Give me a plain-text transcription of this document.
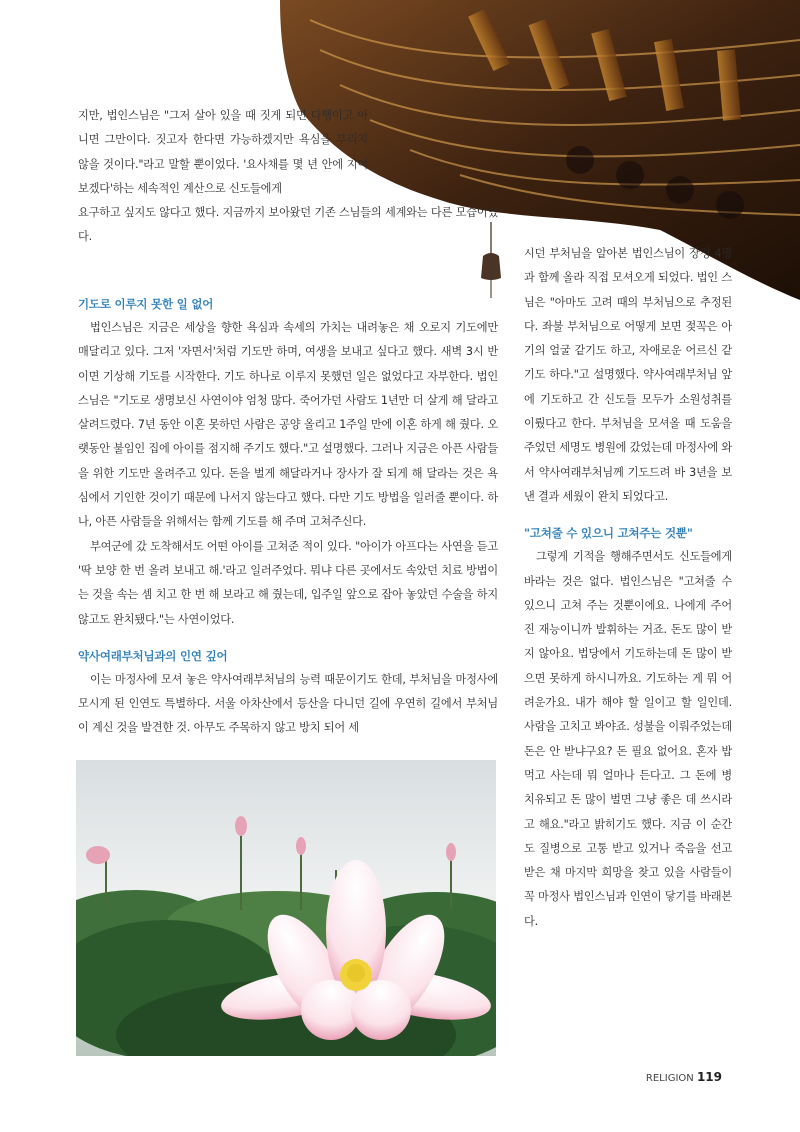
지만, 법인스님은 "그저 살아 있을 때 짓게 되면 다행이고 아니면 그만이다. 짓고자 한다면 가능하겠지만 욕심을 부리지 않을 것이다."라고 말할 뿐이었다. '요사채를 몇 년 안에 지어 보겠다'하는 세속적인 계산으로 신도들에게

요구하고 싶지도 않다고 했다. 지금까지 보아왔던 기존 스님들의 세계와는 다른 모습이었다.

기도로 이루지 못한 일 없어

법인스님은 지금은 세상을 향한 욕심과 속세의 가치는 내려놓은 채 오로지 기도에만 매달리고 있다. 그저 '자면서'처럼 기도만 하며, 여생을 보내고 싶다고 했다. 새벽 3시 반이면 기상해 기도를 시작한다. 기도 하나로 이루지 못했던 일은 없었다고 자부한다. 법인 스님은 "기도로 생명보신 사연이야 엄청 많다. 죽어가던 사람도 1년만 더 살게 해 달라고 살려드렸다. 7년 동안 이혼 못하던 사람은 공양 올리고 1주일 만에 이혼 하게 해 줬다. 오랫동안 불임인 집에 아이를 점지해 주기도 했다."고 설명했다. 그러나 지금은 아픈 사람들을 위한 기도만 올려주고 있다. 돈을 벌게 해달라거나 장사가 잘 되게 해 달라는 것은 욕심에서 기인한 것이기 때문에 나서지 않는다고 했다. 다만 기도 방법을 일러줄 뿐이다. 하나, 아픈 사람들을 위해서는 함께 기도를 해 주며 고쳐주신다.

부여군에 갔 도착해서도 어떤 아이를 고쳐준 적이 있다. "아이가 아프다는 사연을 듣고 '딱 보양 한 번 올려 보내고 해.'라고 일러주었다. 뭐냐 다른 곳에서도 속았던 치료 방법이는 것을 속는 셈 치고 한 번 해 보라고 해 줬는데, 입주일 앞으로 잡아 놓았던 수술을 하지 않고도 완치됐다."는 사연이었다.

약사여래부처님과의 인연 깊어

이는 마정사에 모셔 놓은 약사여래부처님의 능력 때문이기도 한데, 부처님을 마정사에 모시게 된 인연도 특별하다. 서울 아차산에서 등산을 다니던 길에 우연히 길에서 부처님이 계신 것을 발견한 것. 아무도 주목하지 않고 방치 되어 세

시던 부처님을 알아본 법인스님이 장정 4명과 함께 올라 직접 모셔오게 되었다. 법인 스님은 "아마도 고려 때의 부처님으로 추정된다. 좌불 부처님으로 어떻게 보면 젖꼭은 아기의 얼굴 같기도 하고, 자애로운 어르신 같기도 하다."고 설명했다. 약사여래부처님 앞에 기도하고 간 신도들 모두가 소원성취를 이뤘다고 한다. 부처님을 모셔올 때 도움을 주었던 세명도 병원에 갔었는데 마정사에 와서 약사여래부처님께 기도드려 바 3년을 보낸 결과 세웠이 완치 되었다고.

"고쳐줄 수 있으니 고쳐주는 것뿐"

그렇게 기적을 행해주면서도 신도들에게 바라는 것은 없다. 법인스님은 "고쳐줄 수 있으니 고쳐 주는 것뿐이에요. 나에게 주어진 재능이니까 발휘하는 거죠. 돈도 많이 받지 않아요. 법당에서 기도하는데 돈 많이 받으면 못하게 하시니까요. 기도하는 게 뭐 어려운가요. 내가 해야 할 일이고 할 일인데. 사람을 고치고 봐야죠. 성불을 이뤄주었는데 돈은 안 받냐구요? 돈 필요 없어요. 혼자 밥 먹고 사는데 뭐 얼마나 든다고. 그 돈에 병 치유되고 돈 많이 벌면 그냥 좋은 데 쓰시라고 해요."라고 밝히기도 했다. 지금 이 순간도 질병으로 고통 받고 있거나 죽음을 선고 받은 채 마지막 희망을 찾고 있을 사람들이 꼭 마정사 법인스님과 인연이 닿기를 바래본다.

RELIGION 119
